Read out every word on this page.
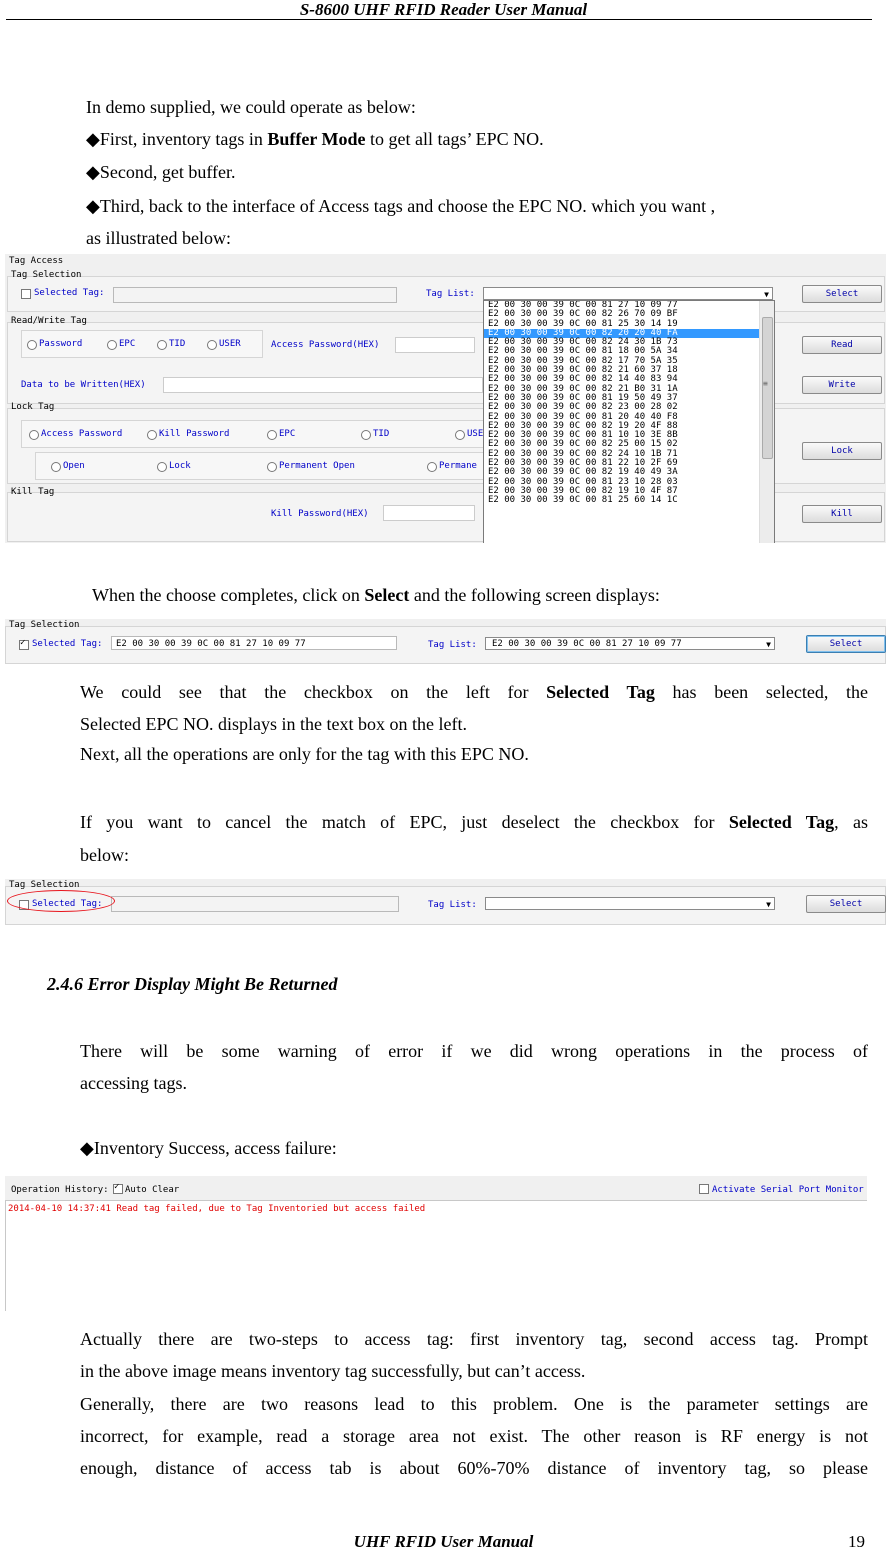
S-8600 UHF RFID Reader User Manual
In demo supplied, we could operate as below:
◆First, inventory tags in Buffer Mode to get all tags’ EPC NO.
◆Second, get buffer.
◆Third, back to the interface of Access tags and choose the EPC NO. which you want ,
as illustrated below:
Tag Access
Tag Selection
Selected Tag:	Tag List:	▼	Select
Read/Write Tag
Password	EPC	TID	USER	Access Password(HEX)	Read
Data to be Written(HEX)	Write
Lock Tag
Access Password	Kill Password	EPC	TID	USE
Open	Lock	Permanent Open	Permane
Lock
Kill Tag
Kill Password(HEX)	Kill
E2 00 30 00 39 0C 00 81 27 10 09 77
E2 00 30 00 39 0C 00 82 26 70 09 BF
E2 00 30 00 39 0C 00 81 25 30 14 19
E2 00 30 00 39 0C 00 82 20 20 40 FA
E2 00 30 00 39 0C 00 82 24 30 1B 73
E2 00 30 00 39 0C 00 81 18 00 5A 34
E2 00 30 00 39 0C 00 82 17 70 5A 35
E2 00 30 00 39 0C 00 82 21 60 37 18
E2 00 30 00 39 0C 00 82 14 40 83 94
E2 00 30 00 39 0C 00 82 21 B0 31 1A
E2 00 30 00 39 0C 00 81 19 50 49 37
E2 00 30 00 39 0C 00 82 23 00 28 02
E2 00 30 00 39 0C 00 81 20 40 40 F8
E2 00 30 00 39 0C 00 82 19 20 4F 88
E2 00 30 00 39 0C 00 81 10 10 3E 8B
E2 00 30 00 39 0C 00 82 25 00 15 02
E2 00 30 00 39 0C 00 82 24 10 1B 71
E2 00 30 00 39 0C 00 81 22 10 2F 69
E2 00 30 00 39 0C 00 82 19 40 49 3A
E2 00 30 00 39 0C 00 81 23 10 28 03
E2 00 30 00 39 0C 00 82 19 10 4F 87
E2 00 30 00 39 0C 00 81 25 60 14 1C
≡
When the choose completes, click on Select and the following screen displays:
Tag Selection
✓ Selected Tag:	E2 00 30 00 39 0C 00 81 27 10 09 77	Tag List:	E2 00 30 00 39 0C 00 81 27 10 09 77	▼	Select
We could see that the checkbox on the left for Selected Tag has been selected, the
Selected EPC NO. displays in the text box on the left.
Next, all the operations are only for the tag with this EPC NO.
If you want to cancel the match of EPC, just deselect the checkbox for Selected Tag, as
below:
Tag Selection
Selected Tag:	Tag List:	▼	Select
2.4.6 Error Display Might Be Returned
There will be some warning of error if we did wrong operations in the process of
accessing tags.
◆Inventory Success, access failure:
Operation History: ✓ Auto Clear	Activate Serial Port Monitor
2014-04-10 14:37:41 Read tag failed, due to Tag Inventoried but access failed
Actually there are two-steps to access tag: first inventory tag, second access tag. Prompt
in the above image means inventory tag successfully, but can’t access.
Generally, there are two reasons lead to this problem. One is the parameter settings are
incorrect, for example, read a storage area not exist. The other reason is RF energy is not
enough, distance of access tab is about 60%-70% distance of inventory tag, so please
UHF RFID User Manual	19
